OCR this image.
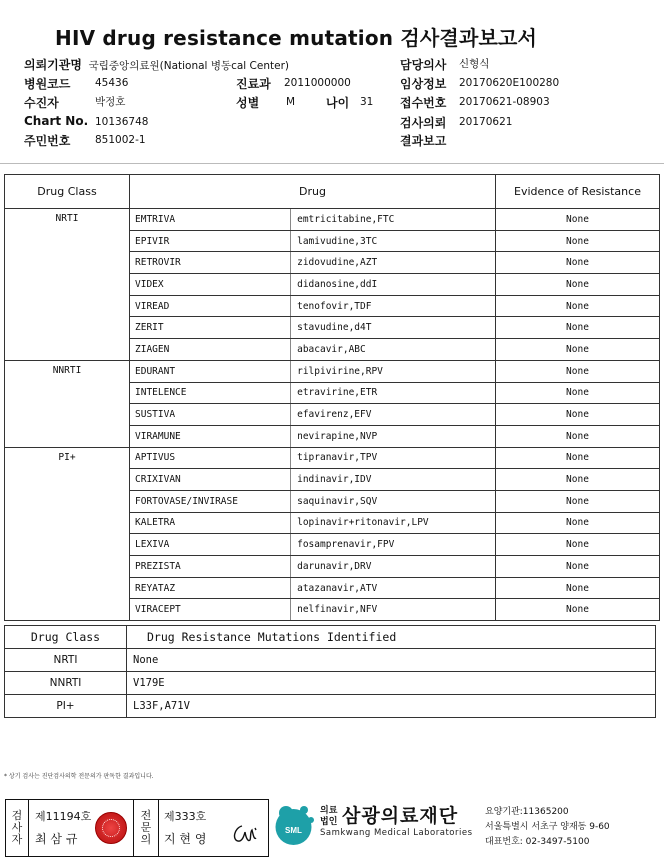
HIV drug resistance mutation 검사결과보고서
의뢰기관명 국립중앙의료원(National 병동cal Center)
병원코드 45436
수진자	박정호
Chart No. 10136748
주민번호 851002-1
진료과 2011000000
성별	M	나이 31
담당의사 신형식
임상정보 20170620E100280
접수번호 20170621-08903
검사의뢰 20170621
결과보고
Drug Class	Drug		Evidence of Resistance
NRTI	EMTRIVA	emtricitabine,FTC	None
	EPIVIR	lamivudine,3TC	None
	RETROVIR	zidovudine,AZT	None
	VIDEX	didanosine,ddI	None
	VIREAD	tenofovir,TDF	None
	ZERIT	stavudine,d4T	None
	ZIAGEN	abacavir,ABC	None
NNRTI	EDURANT	rilpivirine,RPV	None
	INTELENCE	etravirine,ETR	None
	SUSTIVA	efavirenz,EFV	None
	VIRAMUNE	nevirapine,NVP	None
PI+	APTIVUS	tipranavir,TPV	None
	CRIXIVAN	indinavir,IDV	None
	FORTOVASE/INVIRASE	saquinavir,SQV	None
	KALETRA	lopinavir+ritonavir,LPV	None
	LEXIVA	fosamprenavir,FPV	None
	PREZISTA	darunavir,DRV	None
	REYATAZ	atazanavir,ATV	None
	VIRACEPT	nelfinavir,NFV	None
Drug Class	Drug Resistance Mutations Identified
NRTI	None
NNRTI	V179E
PI+	L33F,A71V
* 상기 검사는 진단검사의학 전문의가 판독한 결과입니다.
검사자
제11194호
최 삼 규
전문의
제333호
지 현 영
SML
의료
법인 삼광의료재단
Samkwang Medical Laboratories
요양기관:11365200
서울특별시 서초구 양재동 9-60
대표번호: 02-3497-5100
